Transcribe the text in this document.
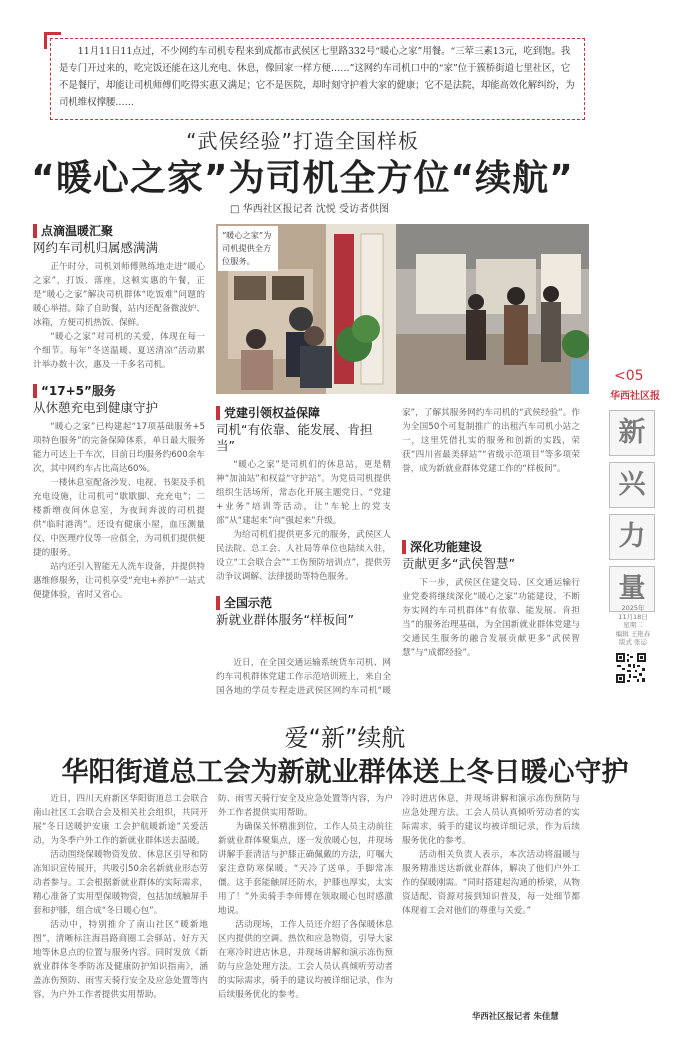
11月11日11点过，不少网约车司机专程来到成都市武侯区七里路332号“暖心之家”用餐。“三荤三素13元，吃到饱。我是专门开过来的，吃完饭还能在这儿充电、休息，像回家一样方便……”这网约车司机口中的“家”位于簇桥街道七里社区，它不是餐厅，却能让司机师傅们吃得实惠又满足；它不是医院，却时刻守护着大家的健康；它不是法院，却能高效化解纠纷，为司机维权撑腰……
“武侯经验”打造全国样板
“暖心之家”为司机全方位“续航”
□ 华西社区报记者 沈悦 受访者供图
点滴温暖汇聚
网约车司机归属感满满

正午时分，司机刘师傅熟练地走进“暖心之家”，打饭、落座，这顿实惠的午餐，正是“暖心之家”解决司机群体“吃饭难”问题的暖心举措。除了自助餐，站内还配备微波炉、冰箱，方便司机热饭、保鲜。

“暖心之家”对司机的关爱，体现在每一个细节。每年“冬送温暖、夏送清凉”活动累计举办数十次，惠及一千多名司机。

“17+5”服务
从休憩充电到健康守护

“暖心之家”已构建起“17项基础服务+5项特色服务”的完备保障体系，单日最大服务能力可达上千车次，目前日均服务约600余车次，其中网约车占比高达60%。

一楼休息室配备沙发、电视、书架及手机充电设施，让司机可“歇歇脚、充充电”；二楼新增夜间休息室，为夜间奔波的司机提供“临时港湾”。还设有健康小屋，血压测量仪、中医理疗仪等一应俱全，为司机们提供便捷的服务。

站内还引入智能无人洗车设备，并提供特惠维修服务，让司机享受“充电+养护”一站式便捷体验，省时又省心。

“暖心之家”为司机提供全方位服务。
党建引领权益保障
司机“有依靠、能发展、肯担当”

“暖心之家”是司机们的休息站，更是精神“加油站”和权益“守护站”。为党员司机提供组织生活场所，常态化开展主题党日、“党建+业务”培训等活动，让“车轮上的党支部”从“建起来”向“强起来”升级。

为给司机们提供更多元的服务，武侯区人民法院、总工会、人社局等单位也陆续入驻，设立“工会联合会”“工伤预防培训点”，提供劳动争议调解、法律援助等特色服务。

全国示范
新就业群体服务“样板间”

近日，在全国交通运输系统货车司机、网约车司机群体党建工作示范培训班上，来自全国各地的学员专程走进武侯区网约车司机“暖

家”，了解其服务网约车司机的“武侯经验”。作为全国50个可复制推广的出租汽车司机小站之一，这里凭借扎实的服务和创新的实践，荣获“四川省最美驿站”“省级示范项目”等多项荣誉，成为新就业群体党建工作的“样板间”。

深化功能建设
贡献更多“武侯智慧”

下一步，武侯区住建交局、区交通运输行业党委将继续深化“暖心之家”功能建设，不断夯实网约车司机群体“有依靠、能发展、肯担当”的服务治理基础，为全国新就业群体党建与交通民生服务的融合发展贡献更多“武侯智慧”与“成都经验”。

<05
华西社区报
新
兴
力
量
2025年
11月18日
星期二
编辑 王艳春
版式 张运
爱“新”续航
华阳街道总工会为新就业群体送上冬日暖心守护

近日，四川天府新区华阳街道总工会联合南山社区工会联合会及相关社会组织，共同开展“冬日送暖护安康 工会护航暖新途”关爱活动，为冬季户外工作的新就业群体送去温暖。

活动围绕保暖物资发放、休息区引导和防冻知识宣传展开，共吸引50余名新就业形态劳动者参与。工会根据新就业群体的实际需求，精心准备了实用型保暖物资，包括加绒触屏手套和护膝，组合成“冬日暖心包”。

活动中，特别推介了南山社区“暖新地图”，清晰标注海昌路商圈工会驿站、好方天地等休息点的位置与服务内容。同时发放《新就业群体冬季防冻及健康防护知识指南》，涵盖冻伤预防、雨雪天骑行安全及应急处置等内容，为户外工作者提供实用帮助。

防、雨雪天骑行安全及应急处置等内容，为户外工作者提供实用帮助。

为确保关怀精准到位，工作人员主动前往新就业群体聚集点，逐一发放暖心包，并现场讲解手套清洁与护膝正确佩戴的方法，叮嘱大家注意防寒保暖。“天冷了送单，手脚常冻僵。这手套能触屏还防水，护膝也厚实，太实用了！”外卖骑手李师傅在领取暖心包时感激地说。

活动现场，工作人员还介绍了各保暖休息区内提供的空调、热饮和应急物资，引导大家在寒冷时进店休息，并现场讲解和演示冻伤预防与应急处理方法。工会人员认真倾听劳动者的实际需求，骑手的建议均被详细记录，作为后续服务优化的参考。

冷时进店休息，并现场讲解和演示冻伤预防与应急处理方法。工会人员认真倾听劳动者的实际需求，骑手的建议均被详细记录，作为后续服务优化的参考。

活动相关负责人表示，本次活动将温暖与服务精准送达新就业群体，解决了他们户外工作的保暖刚需。“同时搭建起沟通的桥梁，从物资适配、资源对接到知识普及，每一处细节都体现着工会对他们的尊重与关爱。”

华西社区报记者 朱佳慧
